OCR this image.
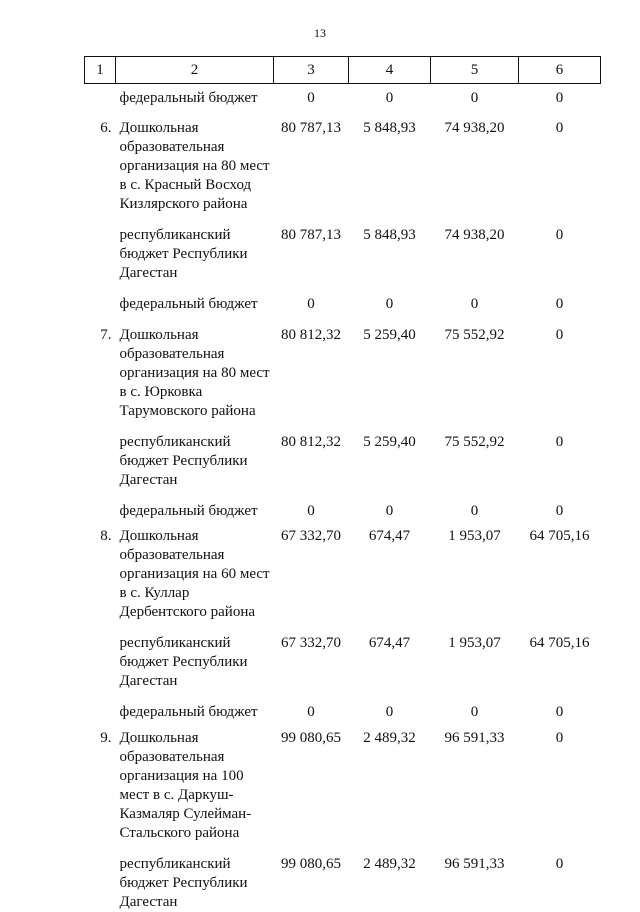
13
1	2	3	4	5	6
	федеральный бюджет	0	0	0	0
6.	Дошкольная образовательная организация на 80 мест в с. Красный Восход Кизлярского района	80 787,13	5 848,93	74 938,20	0
	республиканский бюджет Республики Дагестан	80 787,13	5 848,93	74 938,20	0
	федеральный бюджет	0	0	0	0
7.	Дошкольная образовательная организация на 80 мест в с. Юрковка Тарумовского района	80 812,32	5 259,40	75 552,92	0
	республиканский бюджет Республики Дагестан	80 812,32	5 259,40	75 552,92	0
	федеральный бюджет	0	0	0	0
8.	Дошкольная образовательная организация на 60 мест в с. Куллар Дербентского района	67 332,70	674,47	1 953,07	64 705,16
	республиканский бюджет Республики Дагестан	67 332,70	674,47	1 953,07	64 705,16
	федеральный бюджет	0	0	0	0
9.	Дошкольная образовательная организация на 100 мест в с. Даркуш-Казмаляр Сулейман-Стальского района	99 080,65	2 489,32	96 591,33	0
	республиканский бюджет Республики Дагестан	99 080,65	2 489,32	96 591,33	0
